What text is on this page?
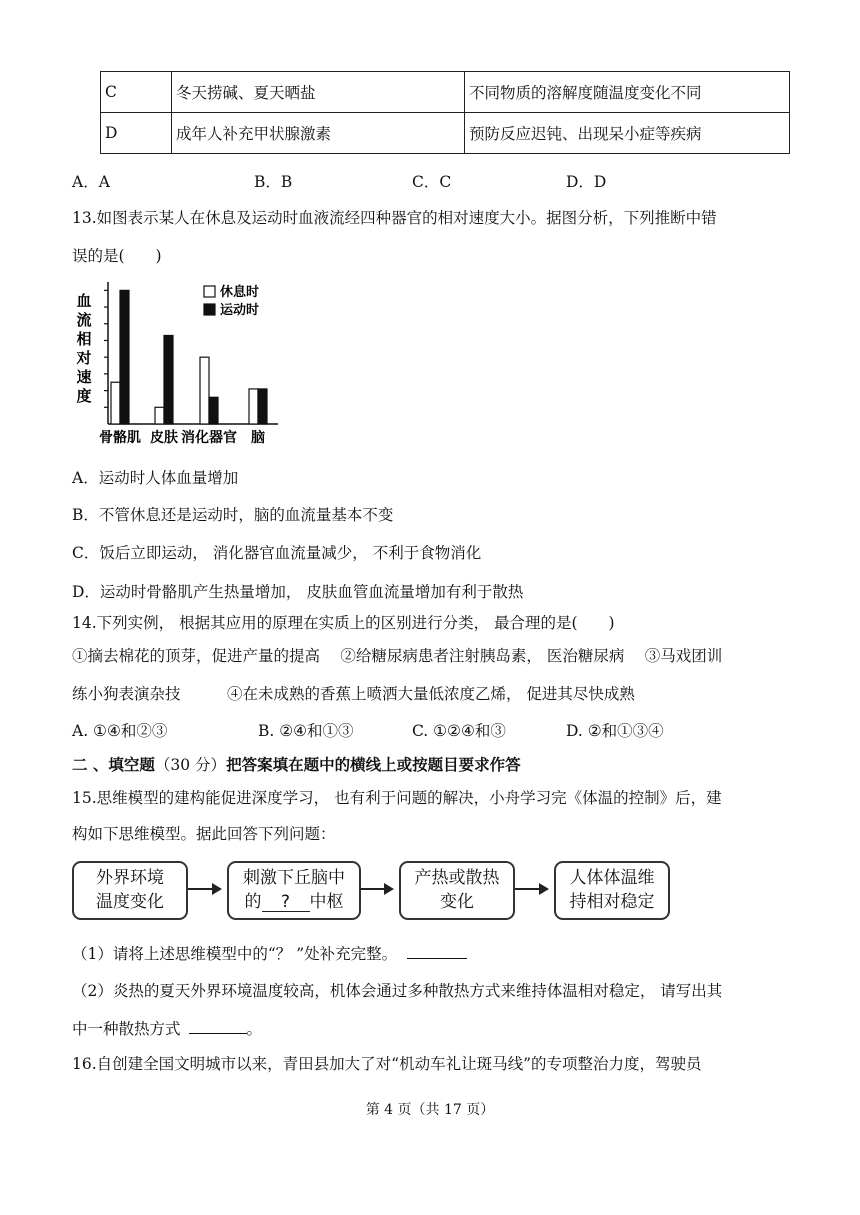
C	冬天捞碱、夏天晒盐	不同物质的溶解度随温度变化不同
D	成年人补充甲状腺激素	预防反应迟钝、出现呆小症等疾病
A．A	B．B	C．C	D．D
13.如图表示某人在休息及运动时血液流经四种器官的相对速度大小。据图分析，下列推断中错
误的是(　　)
血
流
相
对
速
度
骨骼肌 皮肤 消化器官 脑
休息时
运动时
A．运动时人体血量增加
B．不管休息还是运动时，脑的血流量基本不变
C．饭后立即运动， 消化器官血流量减少， 不利于食物消化
D．运动时骨骼肌产生热量增加， 皮肤血管血流量增加有利于散热
14.下列实例， 根据其应用的原理在实质上的区别进行分类， 最合理的是(　　)
①摘去棉花的顶芽，促进产量的提高　 ②给糖尿病患者注射胰岛素， 医治糖尿病　 ③马戏团训
练小狗表演杂技　　　④在未成熟的香蕉上喷洒大量低浓度乙烯， 促进其尽快成熟
A. ①④和②③	B. ②④和①③	C. ①②④和③	D. ②和①③④
二 、填空题（30 分）把答案填在题中的横线上或按题目要求作答
15.思维模型的建构能促进深度学习， 也有利于问题的解决，小舟学习完《体温的控制》后，建
构如下思维模型。据此回答下列问题：
外界环境
温度变化
刺激下丘脑中
的 ? 中枢
产热或散热
变化
人体体温维
持相对稳定
（1）请将上述思维模型中的“？ ”处补充完整。
（2）炎热的夏天外界环境温度较高，机体会通过多种散热方式来维持体温相对稳定， 请写出其
中一种散热方式	。
16.自创建全国文明城市以来，青田县加大了对“机动车礼让斑马线”的专项整治力度，驾驶员
第 4 页（共 17 页）
